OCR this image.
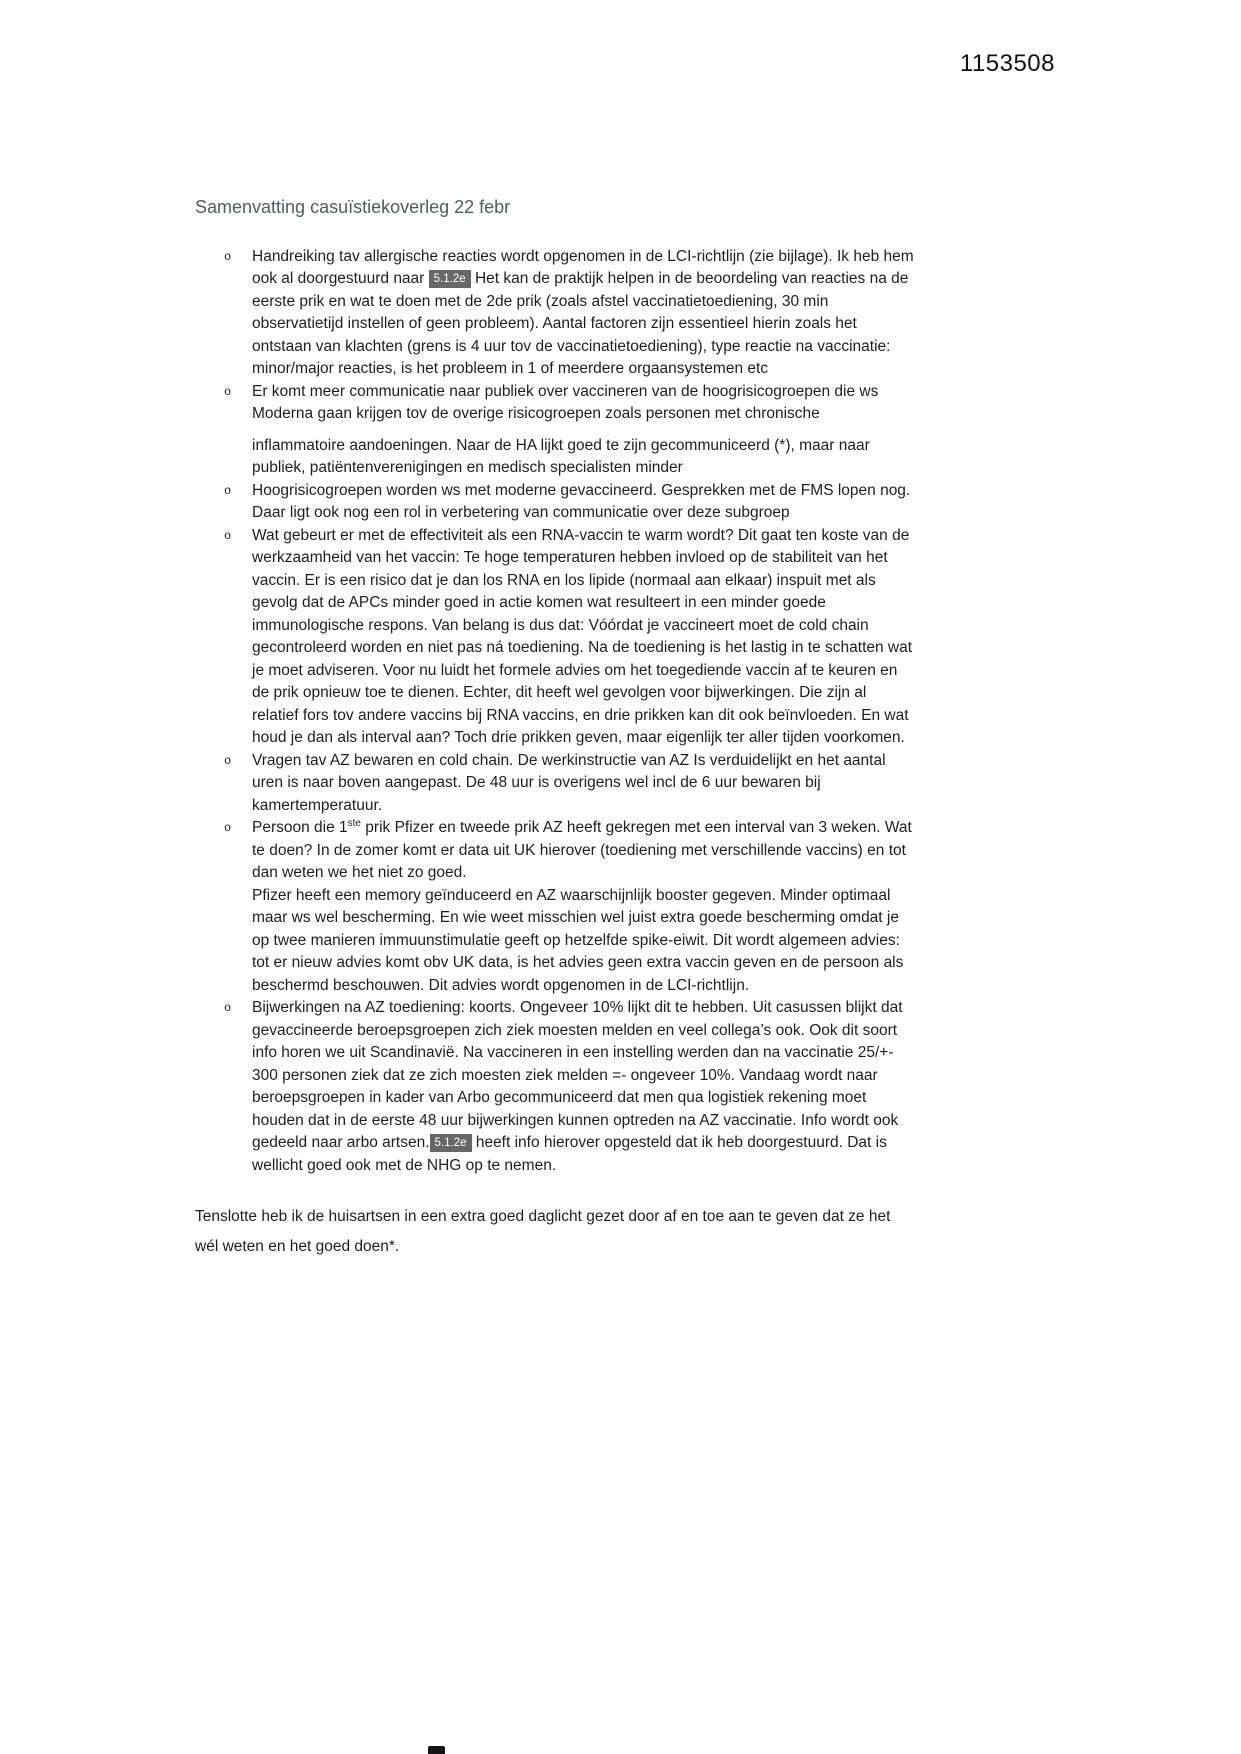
1153508
Samenvatting casuïstiekoverleg 22 febr
o	Handreiking tav allergische reacties wordt opgenomen in de LCI-richtlijn (zie bijlage). Ik heb hem ook al doorgestuurd naar 5.1.2e Het kan de praktijk helpen in de beoordeling van reacties na de eerste prik en wat te doen met de 2de prik (zoals afstel vaccinatietoediening, 30 min observatietijd instellen of geen probleem). Aantal factoren zijn essentieel hierin zoals het ontstaan van klachten (grens is 4 uur tov de vaccinatietoediening), type reactie na vaccinatie: minor/major reacties, is het probleem in 1 of meerdere orgaansystemen etc

o	Er komt meer communicatie naar publiek over vaccineren van de hoogrisicogroepen die ws Moderna gaan krijgen tov de overige risicogroepen zoals personen met chronische

inflammatoire aandoeningen. Naar de HA lijkt goed te zijn gecommuniceerd (*), maar naar publiek, patiëntenverenigingen en medisch specialisten minder

o	Hoogrisicogroepen worden ws met moderne gevaccineerd. Gesprekken met de FMS lopen nog. Daar ligt ook nog een rol in verbetering van communicatie over deze subgroep

o	Wat gebeurt er met de effectiviteit als een RNA-vaccin te warm wordt? Dit gaat ten koste van de werkzaamheid van het vaccin: Te hoge temperaturen hebben invloed op de stabiliteit van het vaccin. Er is een risico dat je dan los RNA en los lipide (normaal aan elkaar) inspuit met als gevolg dat de APCs minder goed in actie komen wat resulteert in een minder goede immunologische respons. Van belang is dus dat: Vóórdat je vaccineert moet de cold chain gecontroleerd worden en niet pas ná toediening. Na de toediening is het lastig in te schatten wat je moet adviseren. Voor nu luidt het formele advies om het toegediende vaccin af te keuren en de prik opnieuw toe te dienen. Echter, dit heeft wel gevolgen voor bijwerkingen. Die zijn al relatief fors tov andere vaccins bij RNA vaccins, en drie prikken kan dit ook beïnvloeden. En wat houd je dan als interval aan? Toch drie prikken geven, maar eigenlijk ter aller tijden voorkomen.

o	Vragen tav AZ bewaren en cold chain. De werkinstructie van AZ Is verduidelijkt en het aantal uren is naar boven aangepast. De 48 uur is overigens wel incl de 6 uur bewaren bij kamertemperatuur.

o	Persoon die 1ste prik Pfizer en tweede prik AZ heeft gekregen met een interval van 3 weken. Wat te doen? In de zomer komt er data uit UK hierover (toediening met verschillende vaccins) en tot dan weten we het niet zo goed.

Pfizer heeft een memory geïnduceerd en AZ waarschijnlijk booster gegeven. Minder optimaal maar ws wel bescherming. En wie weet misschien wel juist extra goede bescherming omdat je op twee manieren immuunstimulatie geeft op hetzelfde spike-eiwit. Dit wordt algemeen advies: tot er nieuw advies komt obv UK data, is het advies geen extra vaccin geven en de persoon als beschermd beschouwen. Dit advies wordt opgenomen in de LCI-richtlijn.

o	Bijwerkingen na AZ toediening: koorts. Ongeveer 10% lijkt dit te hebben. Uit casussen blijkt dat gevaccineerde beroepsgroepen zich ziek moesten melden en veel collega’s ook. Ook dit soort info horen we uit Scandinavië. Na vaccineren in een instelling werden dan na vaccinatie 25/+- 300 personen ziek dat ze zich moesten ziek melden =- ongeveer 10%. Vandaag wordt naar beroepsgroepen in kader van Arbo gecommuniceerd dat men qua logistiek rekening moet houden dat in de eerste 48 uur bijwerkingen kunnen optreden na AZ vaccinatie. Info wordt ook gedeeld naar arbo artsen. 5.1.2e heeft info hierover opgesteld dat ik heb doorgestuurd. Dat is wellicht goed ook met de NHG op te nemen.

Tenslotte heb ik de huisartsen in een extra goed daglicht gezet door af en toe aan te geven dat ze het wél weten en het goed doen*.
